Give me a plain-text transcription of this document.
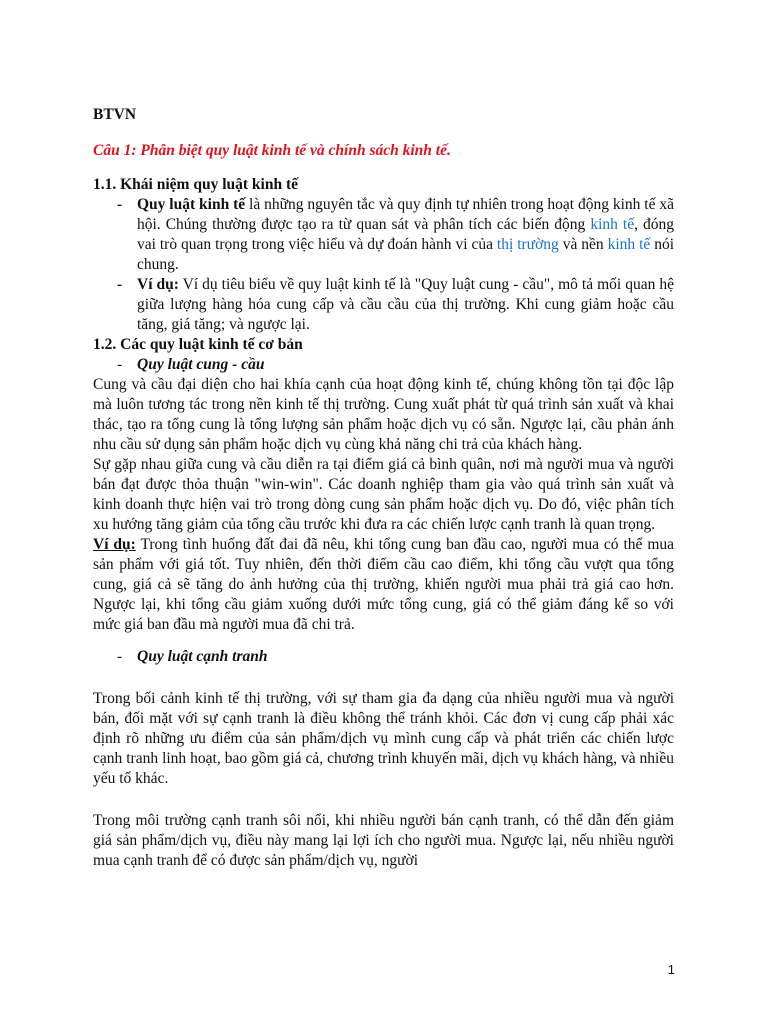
BTVN
Câu 1: Phân biệt quy luật kinh tế và chính sách kinh tế.
1.1. Khái niệm quy luật kinh tế
- Quy luật kinh tế là những nguyên tắc và quy định tự nhiên trong hoạt động kinh tế xã hội. Chúng thường được tạo ra từ quan sát và phân tích các biến động kinh tế, đóng vai trò quan trọng trong việc hiểu và dự đoán hành vi của thị trường và nền kinh tế nói chung.

- Ví dụ: Ví dụ tiêu biểu về quy luật kinh tế là "Quy luật cung - cầu", mô tả mối quan hệ giữa lượng hàng hóa cung cấp và cầu cầu của thị trường. Khi cung giảm hoặc cầu tăng, giá tăng; và ngược lại.

1.2. Các quy luật kinh tế cơ bản
- Quy luật cung - cầu

Cung và cầu đại diện cho hai khía cạnh của hoạt động kinh tế, chúng không tồn tại độc lập mà luôn tương tác trong nền kinh tế thị trường. Cung xuất phát từ quá trình sản xuất và khai thác, tạo ra tổng cung là tổng lượng sản phẩm hoặc dịch vụ có sẵn. Ngược lại, cầu phản ánh nhu cầu sử dụng sản phẩm hoặc dịch vụ cùng khả năng chi trả của khách hàng.

Sự gặp nhau giữa cung và cầu diễn ra tại điểm giá cả bình quân, nơi mà người mua và người bán đạt được thỏa thuận "win-win". Các doanh nghiệp tham gia vào quá trình sản xuất và kinh doanh thực hiện vai trò trong dòng cung sản phẩm hoặc dịch vụ. Do đó, việc phân tích xu hướng tăng giảm của tổng cầu trước khi đưa ra các chiến lược cạnh tranh là quan trọng.

Ví dụ: Trong tình huống đất đai đã nêu, khi tổng cung ban đầu cao, người mua có thể mua sản phẩm với giá tốt. Tuy nhiên, đến thời điểm cầu cao điểm, khi tổng cầu vượt qua tổng cung, giá cả sẽ tăng do ảnh hưởng của thị trường, khiến người mua phải trả giá cao hơn. Ngược lại, khi tổng cầu giảm xuống dưới mức tổng cung, giá có thể giảm đáng kể so với mức giá ban đầu mà người mua đã chi trả.

- Quy luật cạnh tranh

Trong bối cảnh kinh tế thị trường, với sự tham gia đa dạng của nhiều người mua và người bán, đối mặt với sự cạnh tranh là điều không thể tránh khỏi. Các đơn vị cung cấp phải xác định rõ những ưu điểm của sản phẩm/dịch vụ mình cung cấp và phát triển các chiến lược cạnh tranh linh hoạt, bao gồm giá cả, chương trình khuyến mãi, dịch vụ khách hàng, và nhiều yếu tố khác.

Trong môi trường cạnh tranh sôi nổi, khi nhiều người bán cạnh tranh, có thể dẫn đến giảm giá sản phẩm/dịch vụ, điều này mang lại lợi ích cho người mua. Ngược lại, nếu nhiều người mua cạnh tranh để có được sản phẩm/dịch vụ, người

1
